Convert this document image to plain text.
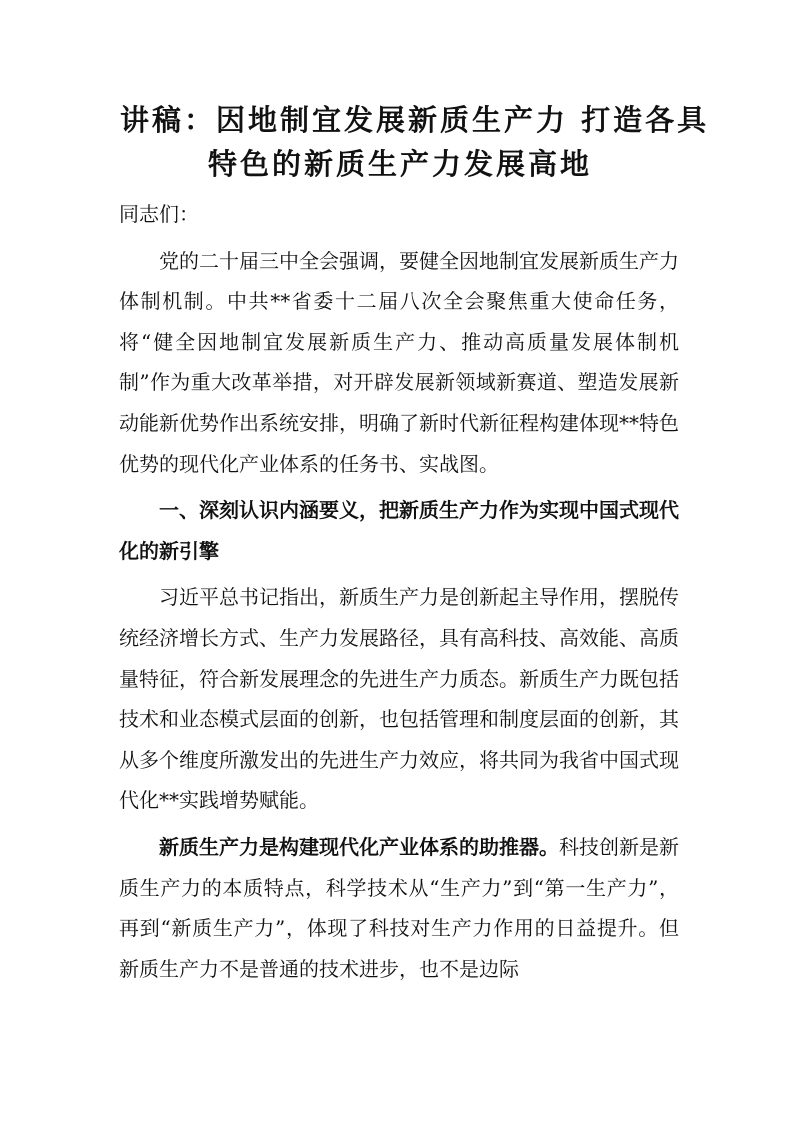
讲稿：因地制宜发展新质生产力 打造各具
特色的新质生产力发展高地

同志们：

党的二十届三中全会强调，要健全因地制宜发展新质生产力体制机制。中共**省委十二届八次全会聚焦重大使命任务，将“健全因地制宜发展新质生产力、推动高质量发展体制机制”作为重大改革举措，对开辟发展新领域新赛道、塑造发展新动能新优势作出系统安排，明确了新时代新征程构建体现**特色优势的现代化产业体系的任务书、实战图。

一、深刻认识内涵要义，把新质生产力作为实现中国式现代化的新引擎

习近平总书记指出，新质生产力是创新起主导作用，摆脱传统经济增长方式、生产力发展路径，具有高科技、高效能、高质量特征，符合新发展理念的先进生产力质态。新质生产力既包括技术和业态模式层面的创新，也包括管理和制度层面的创新，其从多个维度所激发出的先进生产力效应，将共同为我省中国式现代化**实践增势赋能。

新质生产力是构建现代化产业体系的助推器。科技创新是新质生产力的本质特点，科学技术从“生产力”到“第一生产力”，再到“新质生产力”，体现了科技对生产力作用的日益提升。但新质生产力不是普通的技术进步，也不是边际
